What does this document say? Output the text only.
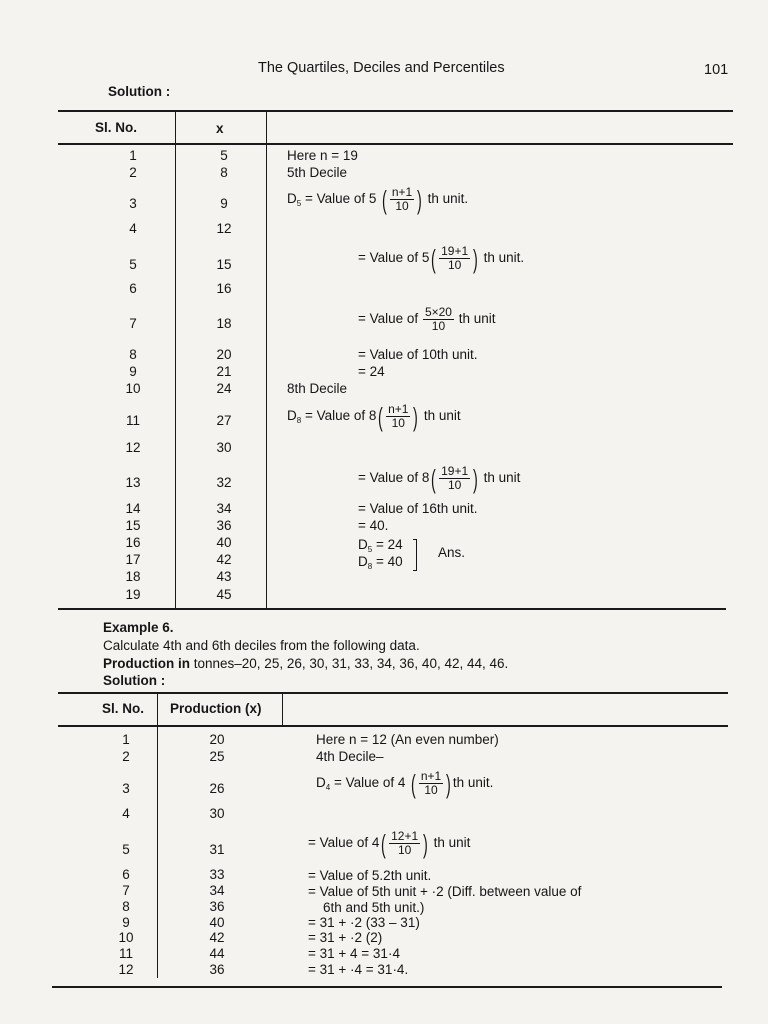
The Quartiles, Deciles and Percentiles	101
Solution :
Sl. No.	x
1
2
3
4
5
6
7
8
9
10
11
12
13
14
15
16
17
18
19
5
8
9
12
15
16
18
20
21
24
27
30
32
34
36
40
42
43
45
Here n = 19
5th Decile
$D_5$ = Value of 5 ( $\frac{n+1}{10}$ ) th unit.
= Value of $5( \frac{19+1}{10}$ ) th unit.
= Value of $\frac{5\times 20}{10}$ th unit
= Value of 10th unit.
= 24
8th Decile
$D_8$ = Value of $8( \frac{n+1}{10}$ ) th unit
= Value of $8( \frac{19+1}{10}$ ) th unit
= Value of 16th unit.
= 40.
$D_5 = 24$
$D_8 = 40$
Ans.
Example 6.
Calculate 4th and 6th deciles from the following data.
Production in tonnes–20, 25, 26, 30, 31, 33, 34, 36, 40, 42, 44, 46.
Solution :
Sl. No. Production (x)
1
2
3
4
5
6
7
8
9
10
11
12
20
25
26
30
31
33
34
36
40
42
44
36
Here n = 12 (An even number)
4th Decile–
$D_4$ = Value of 4 ( $\frac{n+1}{10}$ ) th unit.
= Value of $4( \frac{12+1}{10}$ ) th unit
= Value of 5.2th unit.
= Value of 5th unit + ·2 (Diff. between value of
6th and 5th unit.)
= 31 + ·2 (33 – 31)
= 31 + ·2 (2)
= 31 + 4 = 31·4
= 31 + ·4 = 31·4.
